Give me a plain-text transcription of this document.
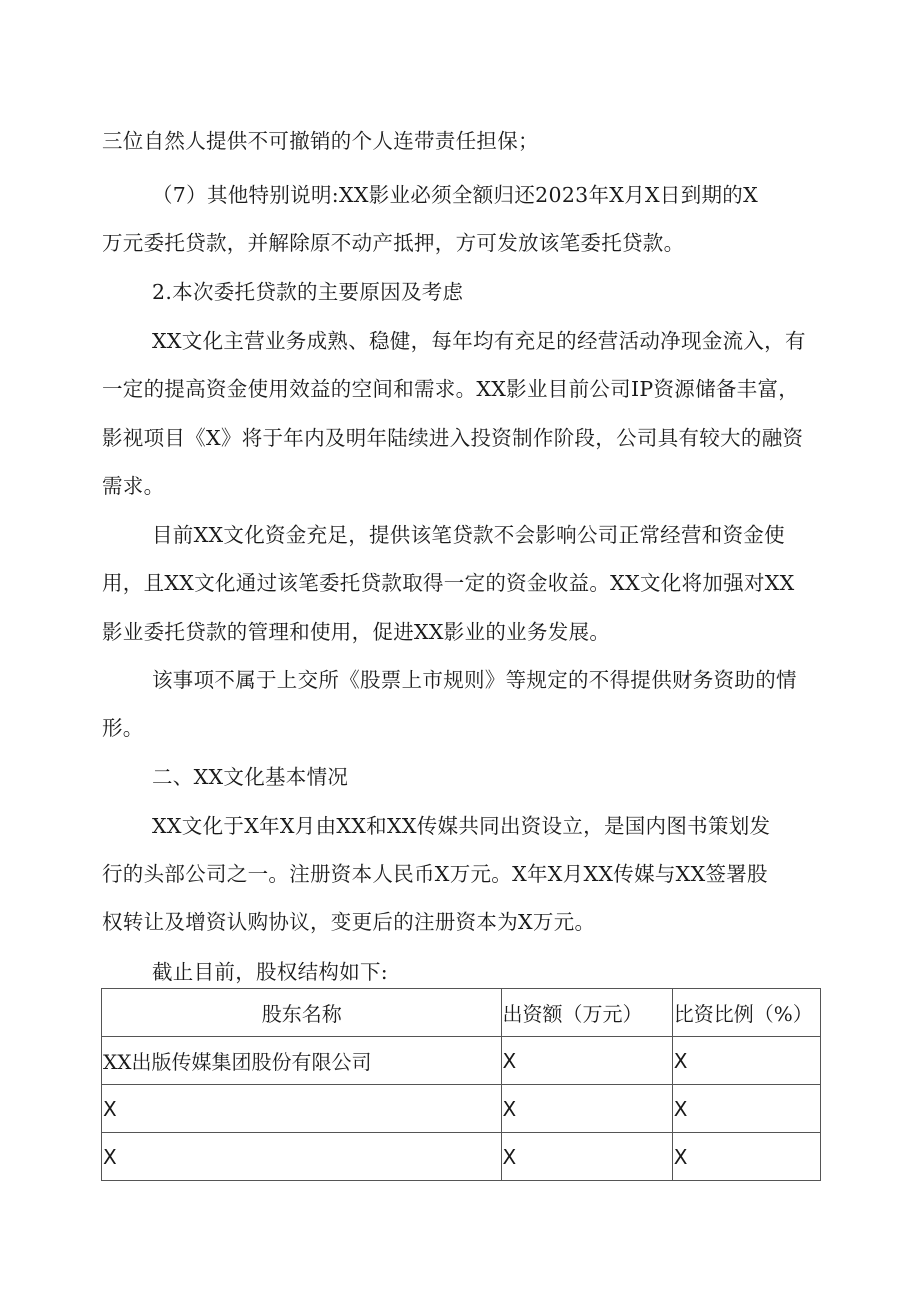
三位自然人提供不可撤销的个人连带责任担保；
（7）其他特别说明:XX影业必须全额归还2023年X月X日到期的X
万元委托贷款，并解除原不动产抵押，方可发放该笔委托贷款。
2.本次委托贷款的主要原因及考虑
XX文化主营业务成熟、稳健，每年均有充足的经营活动净现金流入，有
一定的提高资金使用效益的空间和需求。XX影业目前公司IP资源储备丰富，
影视项目《X》将于年内及明年陆续进入投资制作阶段，公司具有较大的融资
需求。
目前XX文化资金充足，提供该笔贷款不会影响公司正常经营和资金使
用，且XX文化通过该笔委托贷款取得一定的资金收益。XX文化将加强对XX
影业委托贷款的管理和使用，促进XX影业的业务发展。
该事项不属于上交所《股票上市规则》等规定的不得提供财务资助的情
形。
二、XX文化基本情况
XX文化于X年X月由XX和XX传媒共同出资设立，是国内图书策划发
行的头部公司之一。注册资本人民币X万元。X年X月XX传媒与XX签署股
权转让及增资认购协议，变更后的注册资本为X万元。
截止目前，股权结构如下:
股东名称	出资额（万元）	比资比例（%）
XX出版传媒集团股份有限公司	X	X
X	X	X
X	X	X
